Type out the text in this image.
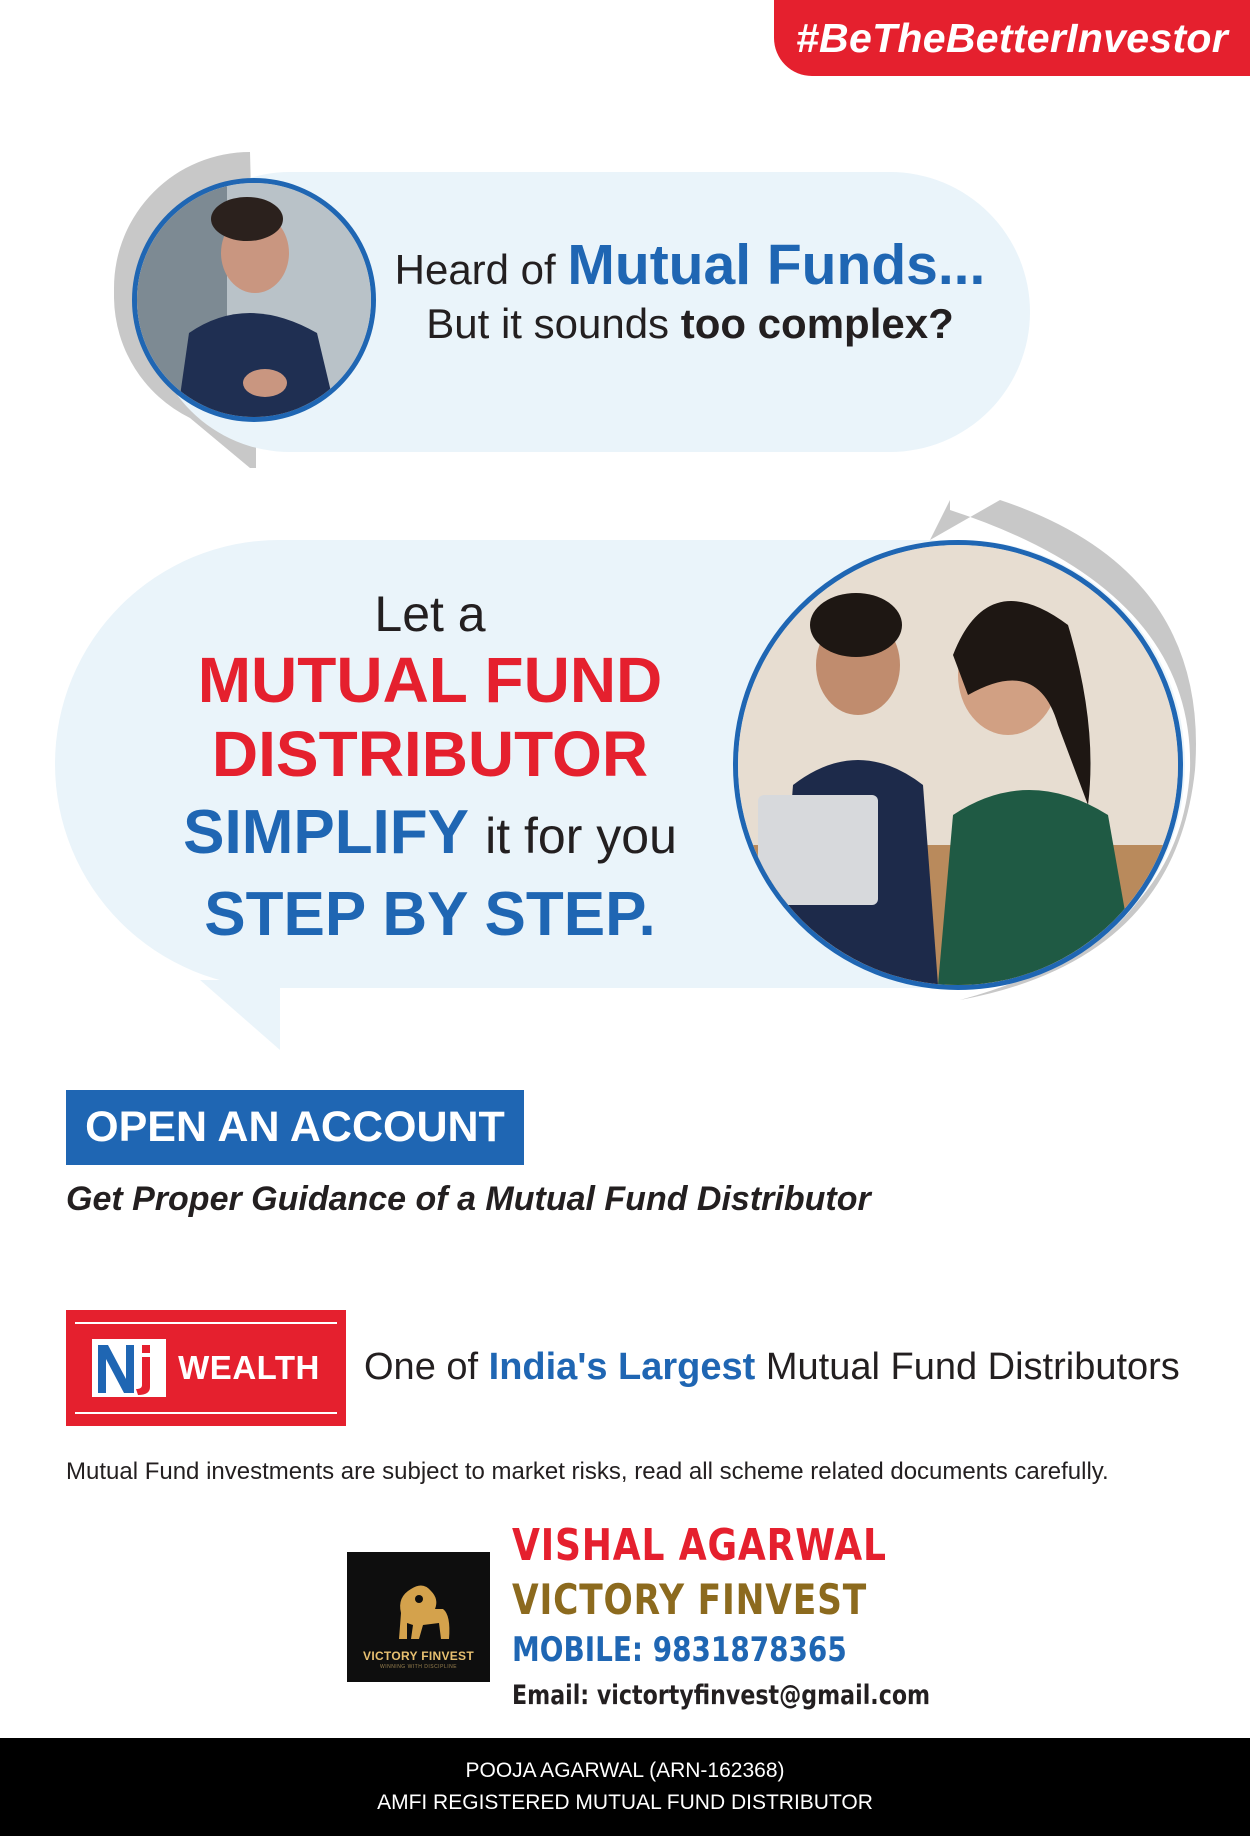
#BeTheBetterInvestor
Heard of Mutual Funds...
But it sounds too complex?
Let a
MUTUAL FUND
DISTRIBUTOR
SIMPLIFY it for you
STEP BY STEP.
OPEN AN ACCOUNT
Get Proper Guidance of a Mutual Fund Distributor
WEALTH One of India's Largest Mutual Fund Distributors
Mutual Fund investments are subject to market risks, read all scheme related documents carefully.
VICTORY FINVEST
WINNING WITH DISCIPLINE
VISHAL AGARWAL
VICTORY FINVEST
MOBILE: 9831878365
Email: victortyfinvest@gmail.com
POOJA AGARWAL (ARN-162368)
AMFI REGISTERED MUTUAL FUND DISTRIBUTOR
